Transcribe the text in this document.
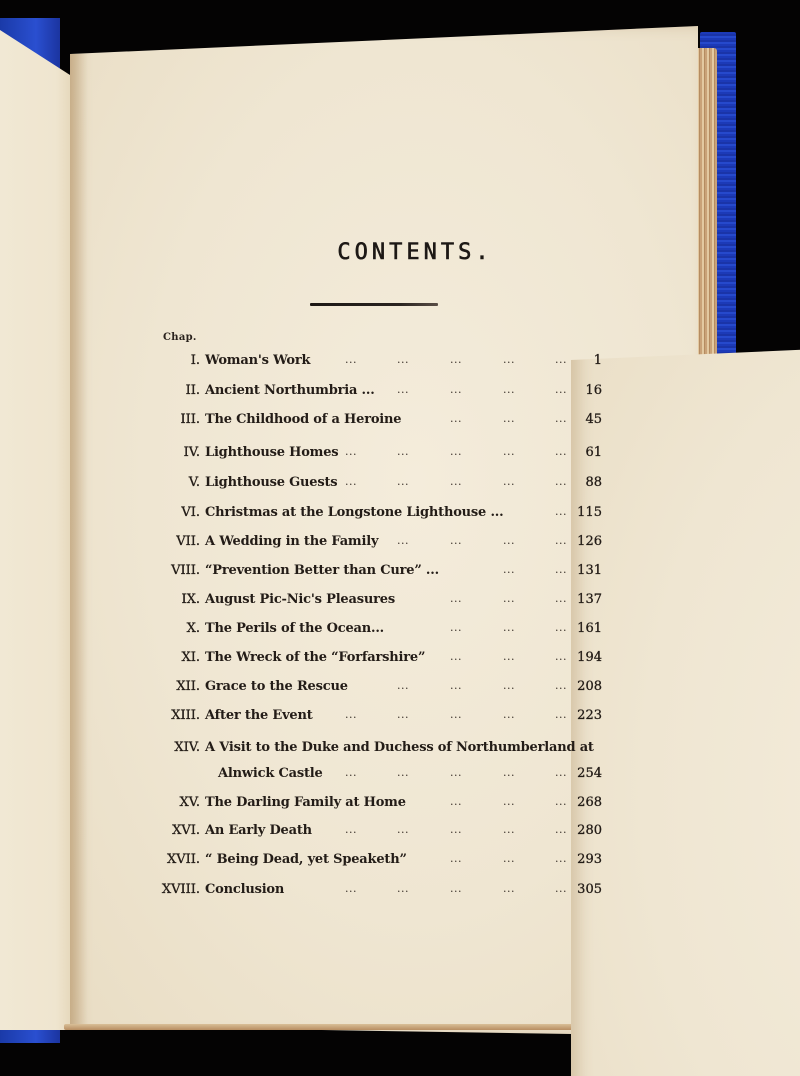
CONTENTS.
Chap.
I. Woman's Work	...	...	...	...	... 1
II. Ancient Northumbria ... ...	...	...	... 16
III. The Childhood of a Heroine	...	...	... 45
IV. Lighthouse Homes ...	...	...	...	... 61
V. Lighthouse Guests ...	...	...	...	... 88
VI. Christmas at the Longstone Lighthouse ...	... 115
VII. A Wedding in the Family ...	...	...	... 126
VIII. “Prevention Better than Cure” ...	...	... 131
IX. August Pic-Nic's Pleasures	...	...	... 137
X. The Perils of the Ocean...	...	...	... 161
XI. The Wreck of the “Forfarshire” ...	...	... 194
XII. Grace to the Rescue	...	...	...	... 208
XIII. After the Event	...	...	...	...	... 223
XIV. A Visit to the Duke and Duchess of Northumberland at
Alnwick Castle ...	...	...	...	... 254
XV. The Darling Family at Home	...	...	... 268
XVI. An Early Death	...	...	...	...	... 280
XVII. “ Being Dead, yet Speaketh”	...	...	... 293
XVIII. Conclusion	...	...	...	...	... 305
